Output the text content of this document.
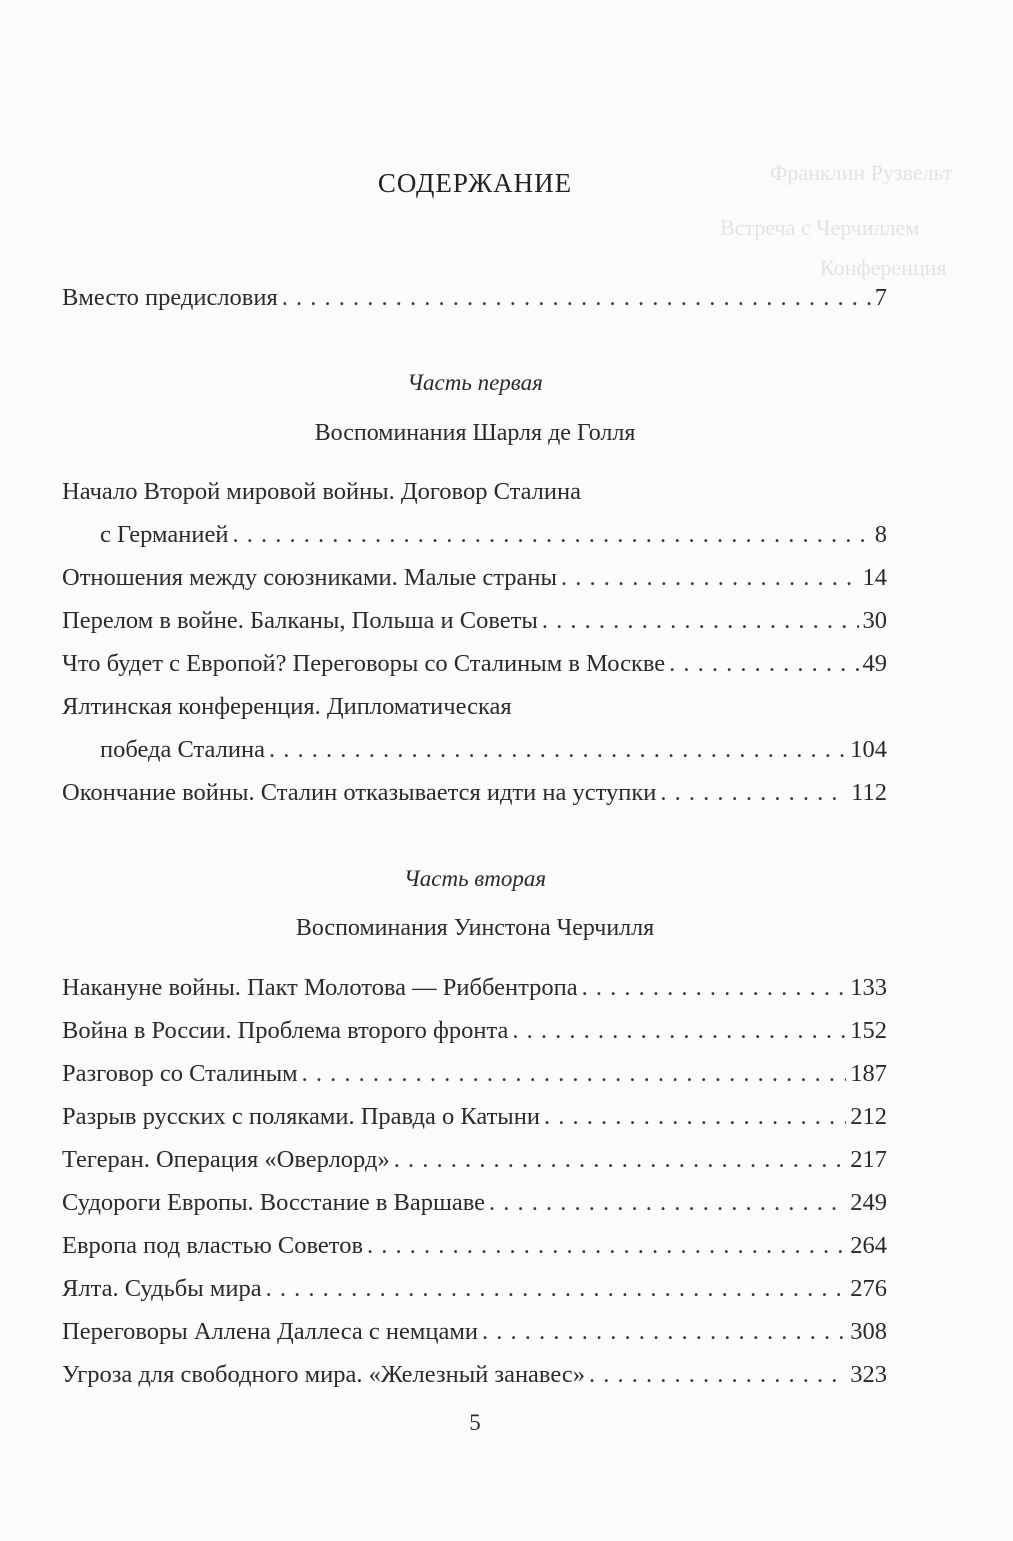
Франклин Рузвельт
Встреча с Черчиллем
Конференция
СОДЕРЖАНИЕ
Вместо предисловия . . .	7
Часть первая
Воспоминания Шарля де Голля
Начало Второй мировой войны. Договор Сталина
с Германией . . .	8
Отношения между союзниками. Малые страны . . .	14
Перелом в войне. Балканы, Польша и Советы . . .	30
Что будет с Европой? Переговоры со Сталиным в Москве . . .	49
Ялтинская конференция. Дипломатическая
победа Сталина . . .	104
Окончание войны. Сталин отказывается идти на уступки . . .	112
Часть вторая
Воспоминания Уинстона Черчилля
Накануне войны. Пакт Молотова — Риббентропа . . .	133
Война в России. Проблема второго фронта . . .	152
Разговор со Сталиным . . .	187
Разрыв русских с поляками. Правда о Катыни . . .	212
Тегеран. Операция «Оверлорд» . . .	217
Судороги Европы. Восстание в Варшаве . . .	249
Европа под властью Советов . . .	264
Ялта. Судьбы мира . . .	276
Переговоры Аллена Даллеса с немцами . . .	308
Угроза для свободного мира. «Железный занавес» . . .	323
5
